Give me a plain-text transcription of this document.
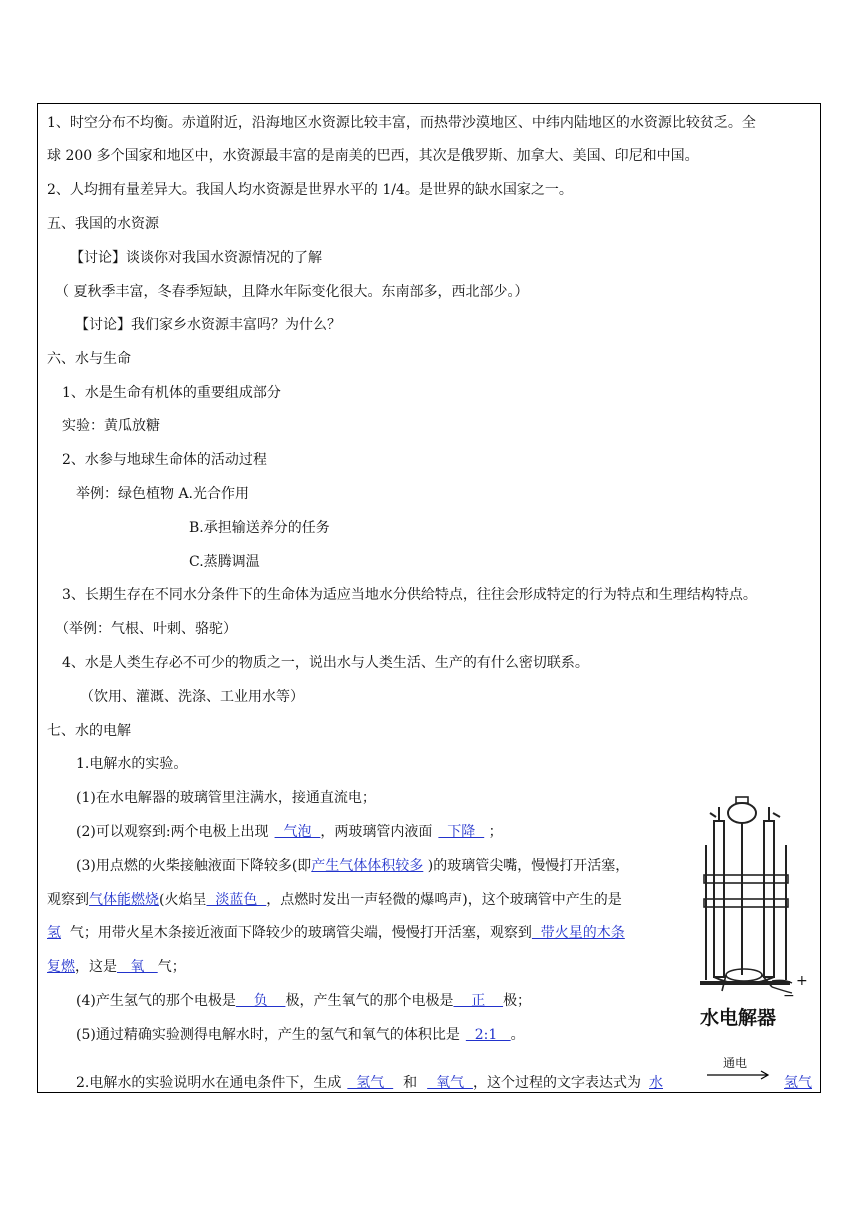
1、时空分布不均衡。赤道附近，沿海地区水资源比较丰富，而热带沙漠地区、中纬内陆地区的水资源比较贫乏。全
球 200 多个国家和地区中，水资源最丰富的是南美的巴西，其次是俄罗斯、加拿大、美国、印尼和中国。
2、人均拥有量差异大。我国人均水资源是世界水平的 1/4。是世界的缺水国家之一。
五、我国的水资源
【讨论】谈谈你对我国水资源情况的了解
（ 夏秋季丰富，冬春季短缺，且降水年际变化很大。东南部多，西北部少。）
【讨论】我们家乡水资源丰富吗？为什么？
六、水与生命
1、水是生命有机体的重要组成部分
实验：黄瓜放糖
2、水参与地球生命体的活动过程
举例：绿色植物 A.光合作用
B.承担输送养分的任务
C.蒸腾调温
3、长期生存在不同水分条件下的生命体为适应当地水分供给特点，往往会形成特定的行为特点和生理结构特点。
（举例：气根、叶刺、骆驼）
4、水是人类生存必不可少的物质之一，说出水与人类生活、生产的有什么密切联系。
（饮用、灌溉、洗涤、工业用水等）
七、水的电解
1.电解水的实验。
(1)在水电解器的玻璃管里注满水，接通直流电；
(2)可以观察到:两个电极上出现  气泡  ，两玻璃管内液面  下降   ；
(3)用点燃的火柴接触液面下降较多(即产生气体体积较多 )的玻璃管尖嘴，慢慢打开活塞，
观察到气体能燃烧(火焰呈  淡蓝色  ，点燃时发出一声轻微的爆鸣声)，这个玻璃管中产生的是
氢  气；用带火星木条接近液面下降较少的玻璃管尖端，慢慢打开活塞，观察到  带火星的木条
复燃，这是   氧   气；
(4)产生氢气的那个电极是    负    极，产生氧气的那个电极是    正    极；
(5)通过精确实验测得电解水时，产生的氢气和氧气的体积比是  2:1   。
2.电解水的实验说明水在通电条件下，生成  氢气  和  氧气  ，这个过程的文字表达式为 水
通电
氢气
+
−
水电解器
